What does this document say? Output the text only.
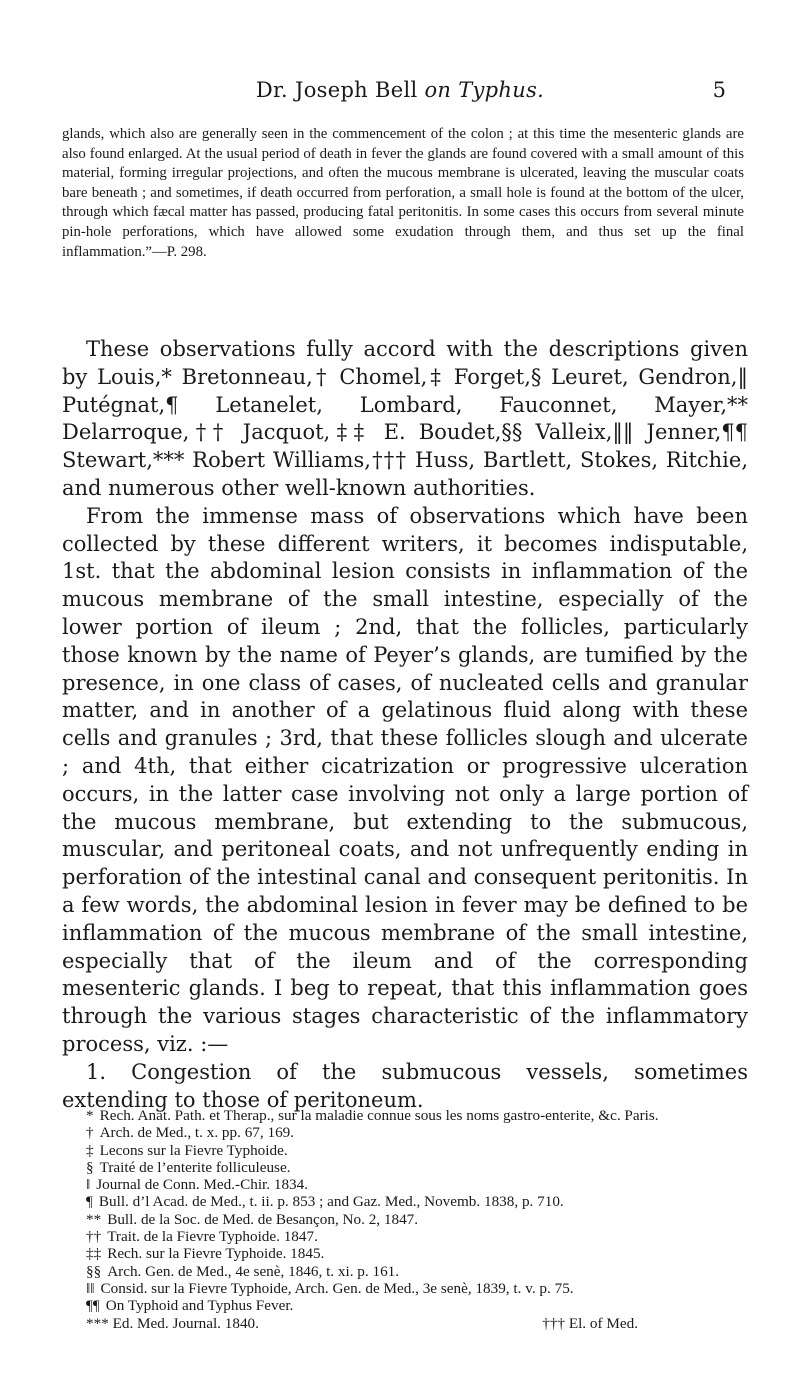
Dr. Joseph Bell on Typhus.	5

glands, which also are generally seen in the commencement of the colon ; at this time the mesenteric glands are also found enlarged. At the usual period of death in fever the glands are found covered with a small amount of this material, forming irregular projections, and often the mucous membrane is ulcerated, leaving the muscular coats bare beneath ; and sometimes, if death occurred from perforation, a small hole is found at the bottom of the ulcer, through which fæcal matter has passed, producing fatal peritonitis. In some cases this occurs from several minute pin-hole perforations, which have allowed some exudation through them, and thus set up the final inflammation.”—P. 298.

These observations fully accord with the descriptions given by Louis,* Bretonneau,† Chomel,‡ Forget,§ Leuret, Gendron,‖ Putégnat,¶ Letanelet, Lombard, Fauconnet, Mayer,** Delarroque,†† Jacquot,‡‡ E. Boudet,§§ Valleix,‖‖ Jenner,¶¶ Stewart,*** Robert Williams,††† Huss, Bartlett, Stokes, Ritchie, and numerous other well-known authorities.

From the immense mass of observations which have been collected by these different writers, it becomes indisputable, 1st. that the abdominal lesion consists in inflammation of the mucous membrane of the small intestine, especially of the lower portion of ileum ; 2nd, that the follicles, particularly those known by the name of Peyer’s glands, are tumified by the presence, in one class of cases, of nucleated cells and granular matter, and in another of a gelatinous fluid along with these cells and granules ; 3rd, that these follicles slough and ulcerate ; and 4th, that either cicatrization or progressive ulceration occurs, in the latter case involving not only a large portion of the mucous membrane, but extending to the submucous, muscular, and peritoneal coats, and not unfrequently ending in perforation of the intestinal canal and consequent peritonitis. In a few words, the abdominal lesion in fever may be defined to be inflammation of the mucous membrane of the small intestine, especially that of the ileum and of the corresponding mesenteric glands. I beg to repeat, that this inflammation goes through the various stages characteristic of the inflammatory process, viz. :—

1. Congestion of the submucous vessels, sometimes extending to those of peritoneum.

* Rech. Anat. Path. et Therap., sur la maladie connue sous les noms gastro-enterite, &c. Paris.

† Arch. de Med., t. x. pp. 67, 169.

‡ Lecons sur la Fievre Typhoide.

§ Traité de l’enterite folliculeuse.

‖ Journal de Conn. Med.-Chir. 1834.

¶ Bull. d’l Acad. de Med., t. ii. p. 853 ; and Gaz. Med., Novemb. 1838, p. 710.

** Bull. de la Soc. de Med. de Besançon, No. 2, 1847.

†† Trait. de la Fievre Typhoide. 1847.

‡‡ Rech. sur la Fievre Typhoide. 1845.

§§ Arch. Gen. de Med., 4e senè, 1846, t. xi. p. 161.

‖‖ Consid. sur la Fievre Typhoide, Arch. Gen. de Med., 3e senè, 1839, t. v. p. 75.

¶¶ On Typhoid and Typhus Fever.

*** Ed. Med. Journal. 1840.	††† El. of Med.
